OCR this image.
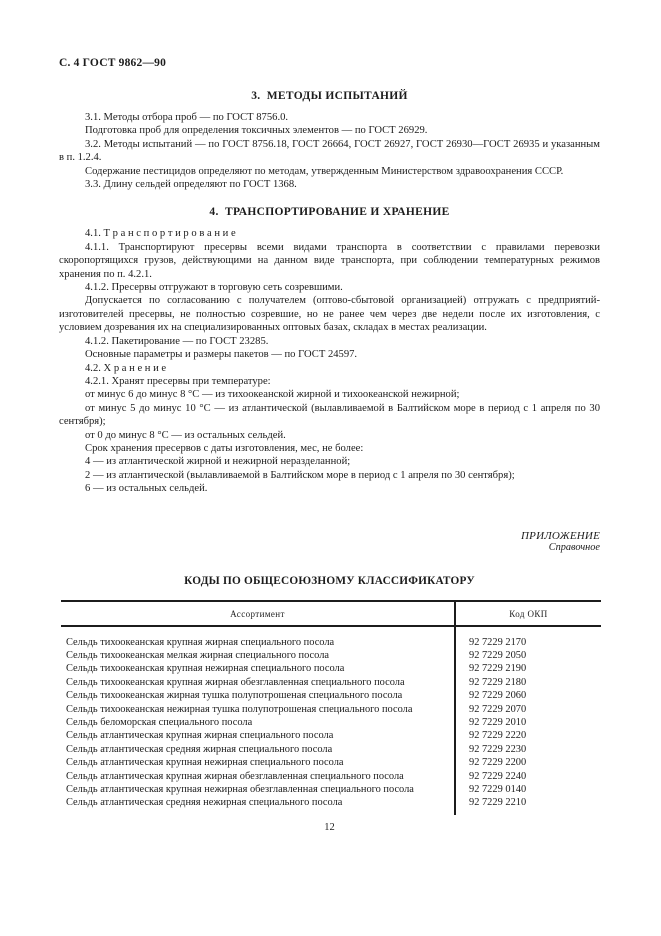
С. 4 ГОСТ 9862—90
3.  МЕТОДЫ ИСПЫТАНИЙ

3.1. Методы отбора проб — по ГОСТ 8756.0.

Подготовка проб для определения токсичных элементов — по ГОСТ 26929.

3.2. Методы испытаний — по ГОСТ 8756.18, ГОСТ 26664, ГОСТ 26927, ГОСТ 26930—ГОСТ 26935 и указанным в п. 1.2.4.

Содержание пестицидов определяют по методам, утвержденным Министерством здравоохранения СССР.

3.3. Длину сельдей определяют по ГОСТ 1368.

4.  ТРАНСПОРТИРОВАНИЕ И ХРАНЕНИЕ

4.1. Т р а н с п о р т и р о в а н и е

4.1.1. Транспортируют пресервы всеми видами транспорта в соответствии с правилами перевозки скоропортящихся грузов, действующими на данном виде транспорта, при соблюдении температурных режимов хранения по п. 4.2.1.

4.1.2. Пресервы отгружают в торговую сеть созревшими.

Допускается по согласованию с получателем (оптово-сбытовой организацией) отгружать с предприятий-изготовителей пресервы, не полностью созревшие, но не ранее чем через две недели после их изготовления, с условием дозревания их на специализированных оптовых базах, складах в местах реализации.

4.1.2. Пакетирование — по ГОСТ 23285.

Основные параметры и размеры пакетов — по ГОСТ 24597.

4.2. Х р а н е н и е

4.2.1. Хранят пресервы при температуре:

от минус 6 до минус 8 °С — из тихоокеанской жирной и тихоокеанской нежирной;

от минус 5 до минус 10 °С — из атлантической (вылавливаемой в Балтийском море в период с 1 апреля по 30 сентября);

от 0 до минус 8 °С — из остальных сельдей.

Срок хранения пресервов с даты изготовления, мес, не более:

4 — из атлантической жирной и нежирной неразделанной;

2 — из атлантической (вылавливаемой в Балтийском море в период с 1 апреля по 30 сентября);

6 — из остальных сельдей.

ПРИЛОЖЕНИЕ
Справочное
КОДЫ ПО ОБЩЕСОЮЗНОМУ КЛАССИФИКАТОРУ
Ассортимент	Код ОКП
Сельдь тихоокеанская крупная жирная специального посола
Сельдь тихоокеанская мелкая жирная специального посола
Сельдь тихоокеанская крупная нежирная специального посола
Сельдь тихоокеанская крупная жирная обезглавленная специального посола
Сельдь тихоокеанская жирная тушка полупотрошеная специального посола
Сельдь тихоокеанская нежирная тушка полупотрошеная специального посола
Сельдь беломорская специального посола
Сельдь атлантическая крупная жирная специального посола
Сельдь атлантическая средняя жирная специального посола
Сельдь атлантическая крупная нежирная специального посола
Сельдь атлантическая крупная жирная обезглавленная специального посола
Сельдь атлантическая крупная нежирная обезглавленная специального посола
Сельдь атлантическая средняя нежирная специального посола
92 7229 2170
92 7229 2050
92 7229 2190
92 7229 2180
92 7229 2060
92 7229 2070
92 7229 2010
92 7229 2220
92 7229 2230
92 7229 2200
92 7229 2240
92 7229 0140
92 7229 2210
12
